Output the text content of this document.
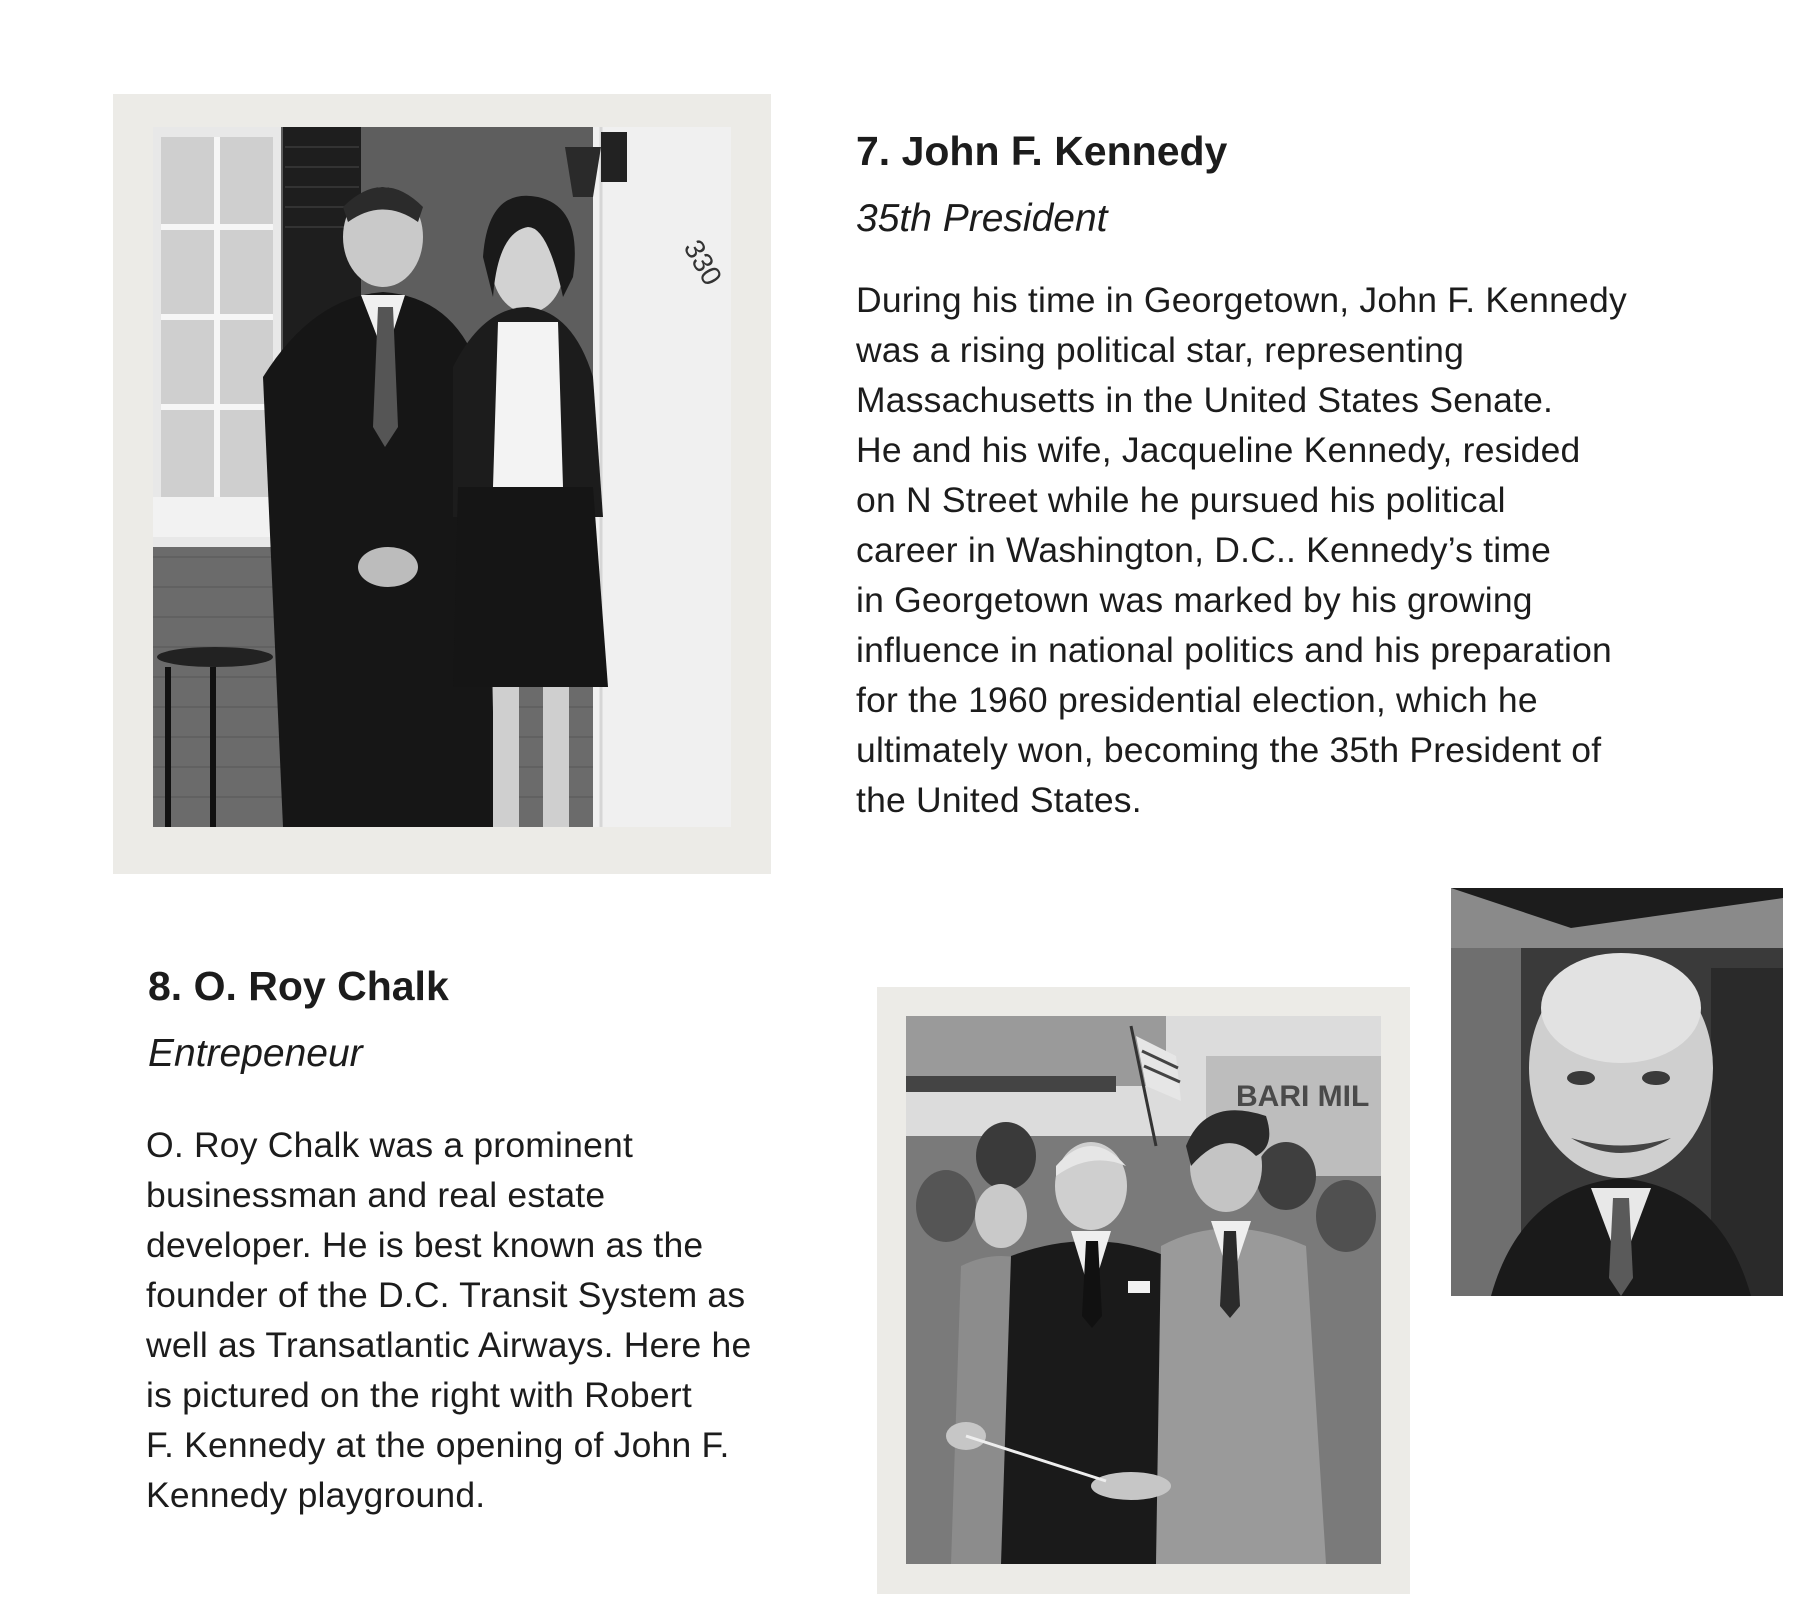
330
7. John F. Kennedy

35th President

During his time in Georgetown, John F. Kennedy
was a rising political star, representing
Massachusetts in the United States Senate.
He and his wife, Jacqueline Kennedy, resided
on N Street while he pursued his political
career in Washington, D.C.. Kennedy’s time
in Georgetown was marked by his growing
influence in national politics and his preparation
for the 1960 presidential election, which he
ultimately won, becoming the 35th President of
the United States.

8. O. Roy Chalk

Entrepeneur

O. Roy Chalk was a prominent
businessman and real estate
developer. He is best known as the
founder of the D.C. Transit System as
well as Transatlantic Airways. Here he
is pictured on the right with Robert
F. Kennedy at the opening of John F.
Kennedy playground.

BARI MIL
